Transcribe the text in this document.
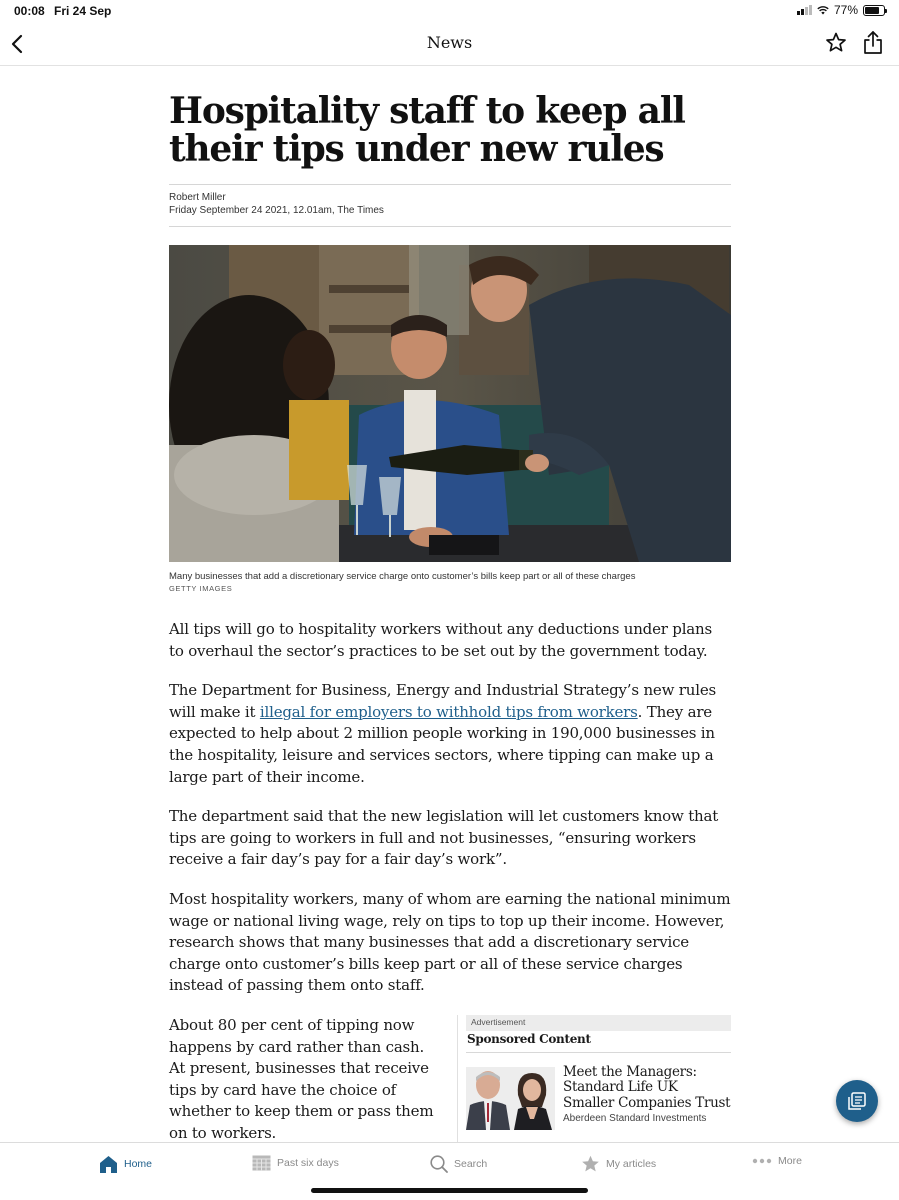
00:08 Fri 24 Sep	77%
News
Hospitality staff to keep all their tips under new rules
Robert Miller
Friday September 24 2021, 12.01am, The Times
Many businesses that add a discretionary service charge onto customer’s bills keep part or all of these charges
GETTY IMAGES

All tips will go to hospitality workers without any deductions under plans to overhaul the sector’s practices to be set out by the government today.

The Department for Business, Energy and Industrial Strategy’s new rules will make it illegal for employers to withhold tips from workers. They are expected to help about 2 million people working in 190,000 businesses in the hospitality, leisure and services sectors, where tipping can make up a large part of their income.

The department said that the new legislation will let customers know that tips are going to workers in full and not businesses, “ensuring workers receive a fair day’s pay for a fair day’s work”.

Most hospitality workers, many of whom are earning the national minimum wage or national living wage, rely on tips to top up their income. However, research shows that many businesses that add a discretionary service charge onto customer’s bills keep part or all of these service charges instead of passing them onto staff.

About 80 per cent of tipping now happens by card rather than cash. At present, businesses that receive tips by card have the choice of whether to keep them or pass them on to workers.

Advertisement
Sponsored Content
Meet the Managers: Standard Life UK Smaller Companies Trust
Aberdeen Standard Investments
Home	Past six days	Search	My articles	More
